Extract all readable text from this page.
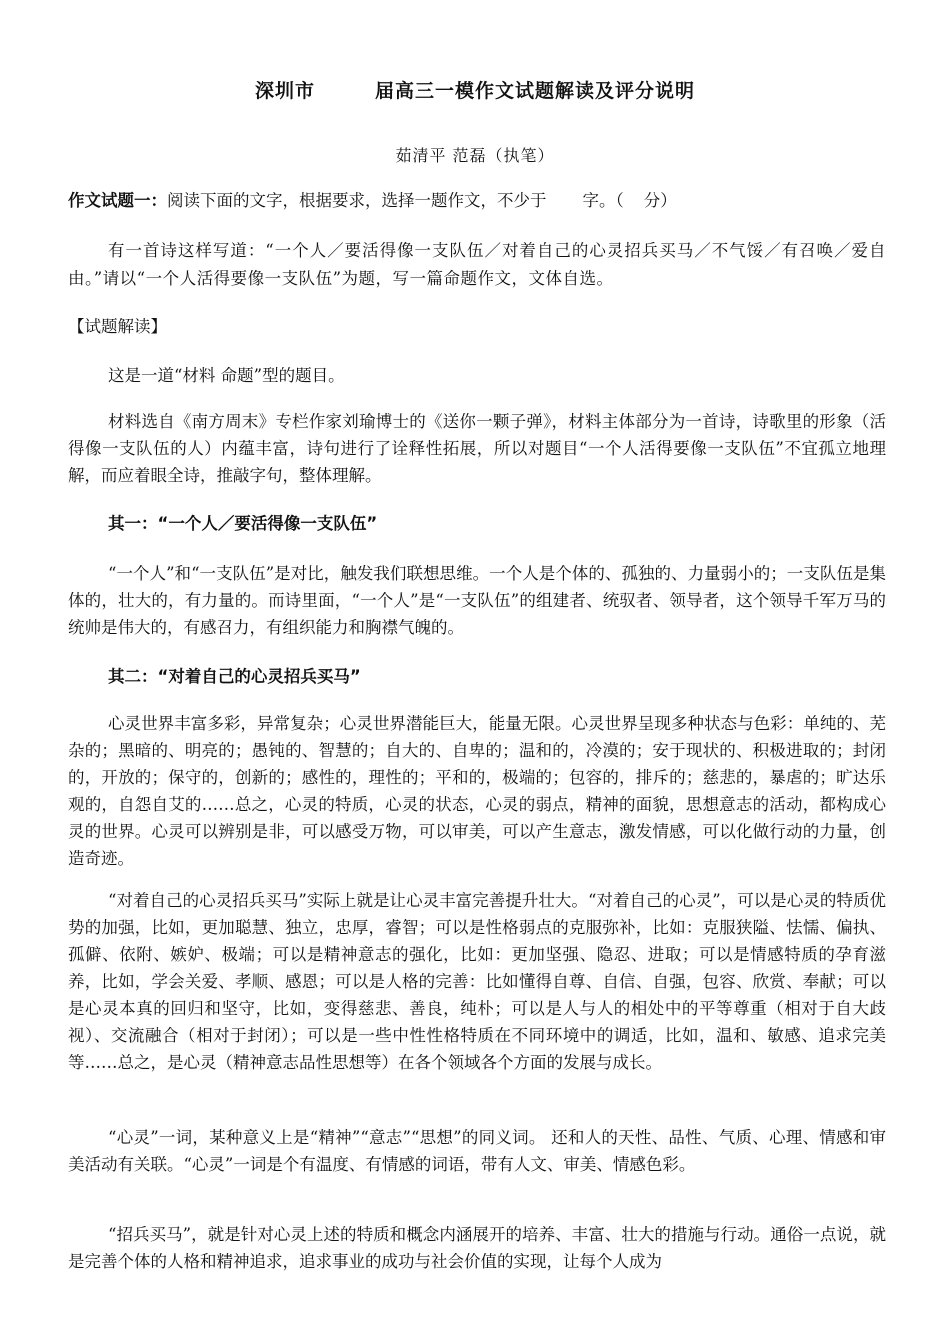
深圳市	届高三一模作文试题解读及评分说明
茹清平 范磊（执笔）
作文试题一：阅读下面的文字，根据要求，选择一题作文，不少于 字。（ 分）
有一首诗这样写道：“一个人／要活得像一支队伍／对着自己的心灵招兵买马／不气馁／有召唤／爱自由。”请以“一个人活得要像一支队伍”为题，写一篇命题作文，文体自选。
【试题解读】
这是一道“材料 命题”型的题目。
材料选自《南方周末》专栏作家刘瑜博士的《送你一颗子弹》，材料主体部分为一首诗，诗歌里的形象（活得像一支队伍的人）内蕴丰富，诗句进行了诠释性拓展，所以对题目“一个人活得要像一支队伍”不宜孤立地理解，而应着眼全诗，推敲字句，整体理解。
其一：“一个人／要活得像一支队伍”
“一个人”和“一支队伍”是对比，触发我们联想思维。一个人是个体的、孤独的、力量弱小的；一支队伍是集体的，壮大的，有力量的。而诗里面，“一个人”是“一支队伍”的组建者、统驭者、领导者，这个领导千军万马的统帅是伟大的，有感召力，有组织能力和胸襟气魄的。
其二：“对着自己的心灵招兵买马”
心灵世界丰富多彩，异常复杂；心灵世界潜能巨大，能量无限。心灵世界呈现多种状态与色彩：单纯的、芜杂的；黑暗的、明亮的；愚钝的、智慧的；自大的、自卑的；温和的，冷漠的；安于现状的、积极进取的；封闭的，开放的；保守的，创新的；感性的，理性的；平和的，极端的；包容的，排斥的；慈悲的，暴虐的；旷达乐观的，自怨自艾的……总之，心灵的特质，心灵的状态，心灵的弱点，精神的面貌，思想意志的活动，都构成心灵的世界。心灵可以辨别是非，可以感受万物，可以审美，可以产生意志，激发情感，可以化做行动的力量，创造奇迹。
“对着自己的心灵招兵买马”实际上就是让心灵丰富完善提升壮大。“对着自己的心灵”，可以是心灵的特质优势的加强，比如，更加聪慧、独立，忠厚，睿智；可以是性格弱点的克服弥补，比如：克服狭隘、怯懦、偏执、孤僻、依附、嫉妒、极端；可以是精神意志的强化，比如：更加坚强、隐忍、进取；可以是情感特质的孕育滋养，比如，学会关爱、孝顺、感恩；可以是人格的完善：比如懂得自尊、自信、自强，包容、欣赏、奉献；可以是心灵本真的回归和坚守，比如，变得慈悲、善良，纯朴；可以是人与人的相处中的平等尊重（相对于自大歧视）、交流融合（相对于封闭）；可以是一些中性性格特质在不同环境中的调适，比如，温和、敏感、追求完美等……总之，是心灵（精神意志品性思想等）在各个领域各个方面的发展与成长。
“心灵”一词，某种意义上是“精神”“意志”“思想”的同义词。 还和人的天性、品性、气质、心理、情感和审美活动有关联。“心灵”一词是个有温度、有情感的词语，带有人文、审美、情感色彩。
“招兵买马”，就是针对心灵上述的特质和概念内涵展开的培养、丰富、壮大的措施与行动。通俗一点说，就是完善个体的人格和精神追求，追求事业的成功与社会价值的实现，让每个人成为
